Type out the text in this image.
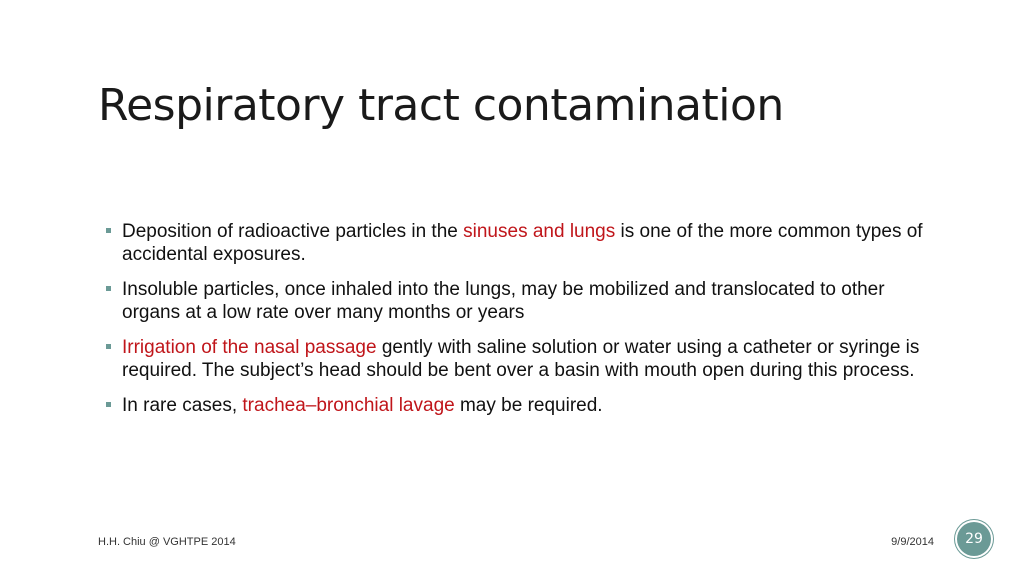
Respiratory tract contamination
Deposition of radioactive particles in the sinuses and lungs is one of the more common types of accidental exposures.
Insoluble particles, once inhaled into the lungs, may be mobilized and translocated to other organs at a low rate over many months or years
Irrigation of the nasal passage gently with saline solution or water using a catheter or syringe is required. The subject’s head should be bent over a basin with mouth open during this process.
In rare cases, trachea–bronchial lavage may be required.
H.H. Chiu @ VGHTPE 2014	9/9/2014	29
